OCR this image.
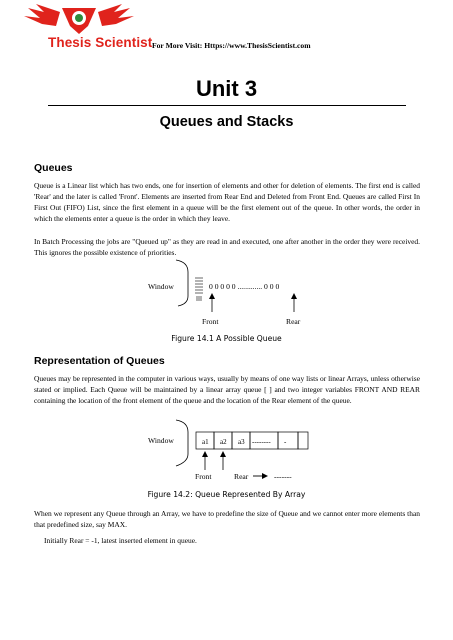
Thesis Scientist For More Visit: Https://www.ThesisScientist.com
Unit 3
Queues and Stacks
Queues

Queue is a Linear list which has two ends, one for insertion of elements and other for deletion of elements. The first end is called 'Rear' and the later is called 'Front'. Elements are inserted from Rear End and Deleted from Front End. Queues are called First In First Out (FIFO) List, since the first element in a queue will be the first element out of the queue. In other words, the order in which the elements enter a queue is the order in which they leave.

In Batch Processing the jobs are "Queued up" as they are read in and executed, one after another in the order they were received. This ignores the possible existence of priorities.

Window	0 0 0 0 0 ............. 0 0 0
Front	Rear
Figure 14.1 A Possible Queue
Representation of Queues

Queues may be represented in the computer in various ways, usually by means of one way lists or linear Arrays, unless otherwise stated or implied. Each Queue will be maintained by a linear array queue [ ] and two integer variables FRONT AND REAR containing the location of the front element of the queue and the location of the Rear element of the queue.

Window	a1 a2 a3 -------- -
Front	Rear	-------
Figure 14.2: Queue Represented By Array

When we represent any Queue through an Array, we have to predefine the size of Queue and we cannot enter more elements than that predefined size, say MAX.

Initially Rear = -1, latest inserted element in queue.
